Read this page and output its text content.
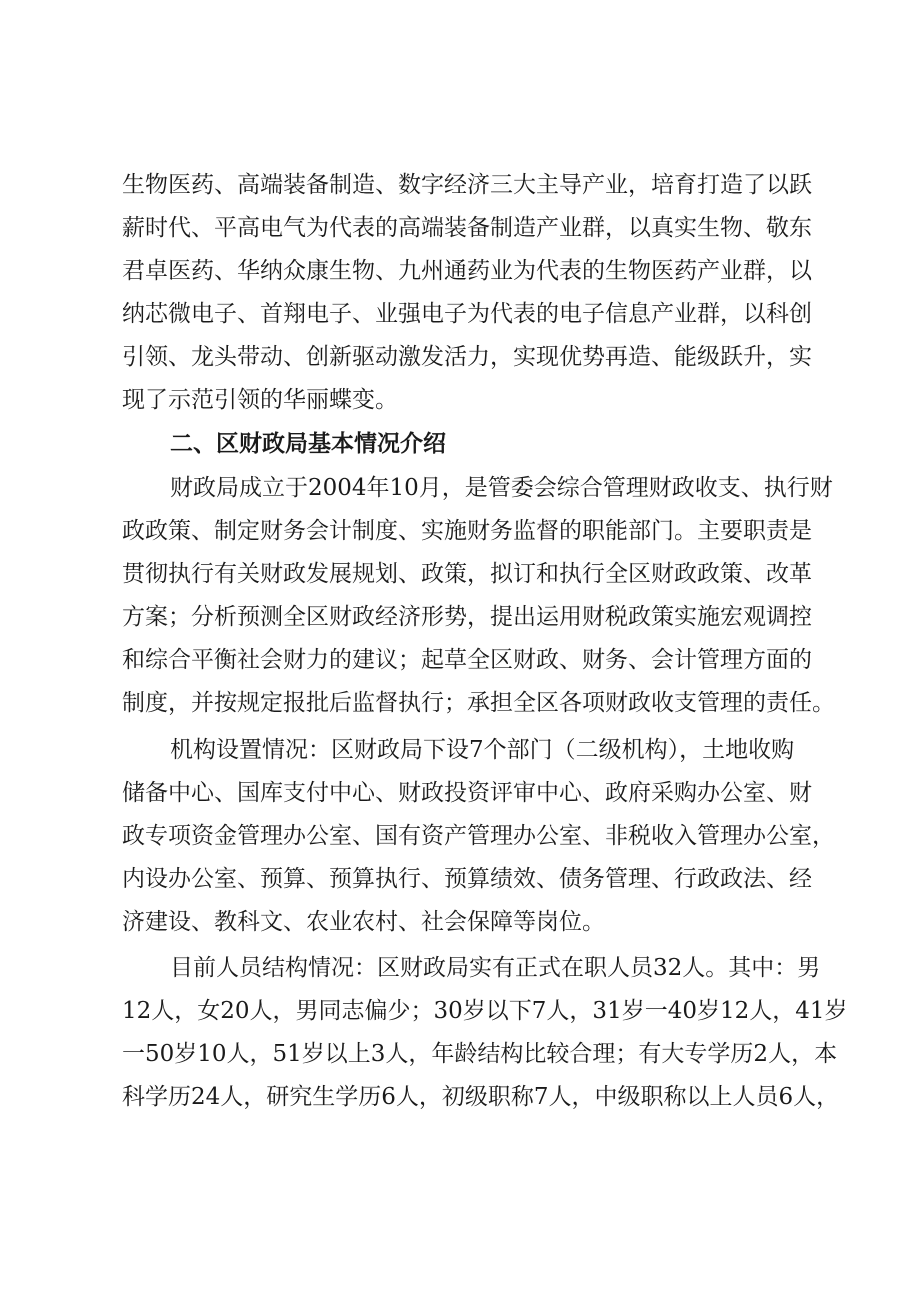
生物医药、高端装备制造、数字经济三大主导产业，培育打造了以跃
薪时代、平高电气为代表的高端装备制造产业群，以真实生物、敬东
君卓医药、华纳众康生物、九州通药业为代表的生物医药产业群，以
纳芯微电子、首翔电子、业强电子为代表的电子信息产业群，以科创
引领、龙头带动、创新驱动激发活力，实现优势再造、能级跃升，实
现了示范引领的华丽蝶变。
二、区财政局基本情况介绍
财政局成立于2004年10月，是管委会综合管理财政收支、执行财
政政策、制定财务会计制度、实施财务监督的职能部门。主要职责是
贯彻执行有关财政发展规划、政策，拟订和执行全区财政政策、改革
方案；分析预测全区财政经济形势，提出运用财税政策实施宏观调控
和综合平衡社会财力的建议；起草全区财政、财务、会计管理方面的
制度，并按规定报批后监督执行；承担全区各项财政收支管理的责任。
机构设置情况：区财政局下设7个部门（二级机构），土地收购
储备中心、国库支付中心、财政投资评审中心、政府采购办公室、财
政专项资金管理办公室、国有资产管理办公室、非税收入管理办公室，
内设办公室、预算、预算执行、预算绩效、债务管理、行政政法、经
济建设、教科文、农业农村、社会保障等岗位。
目前人员结构情况：区财政局实有正式在职人员32人。其中：男
12人，女20人，男同志偏少；30岁以下7人，31岁一40岁12人，41岁
一50岁10人，51岁以上3人，年龄结构比较合理；有大专学历2人，本
科学历24人，研究生学历6人，初级职称7人，中级职称以上人员6人，
